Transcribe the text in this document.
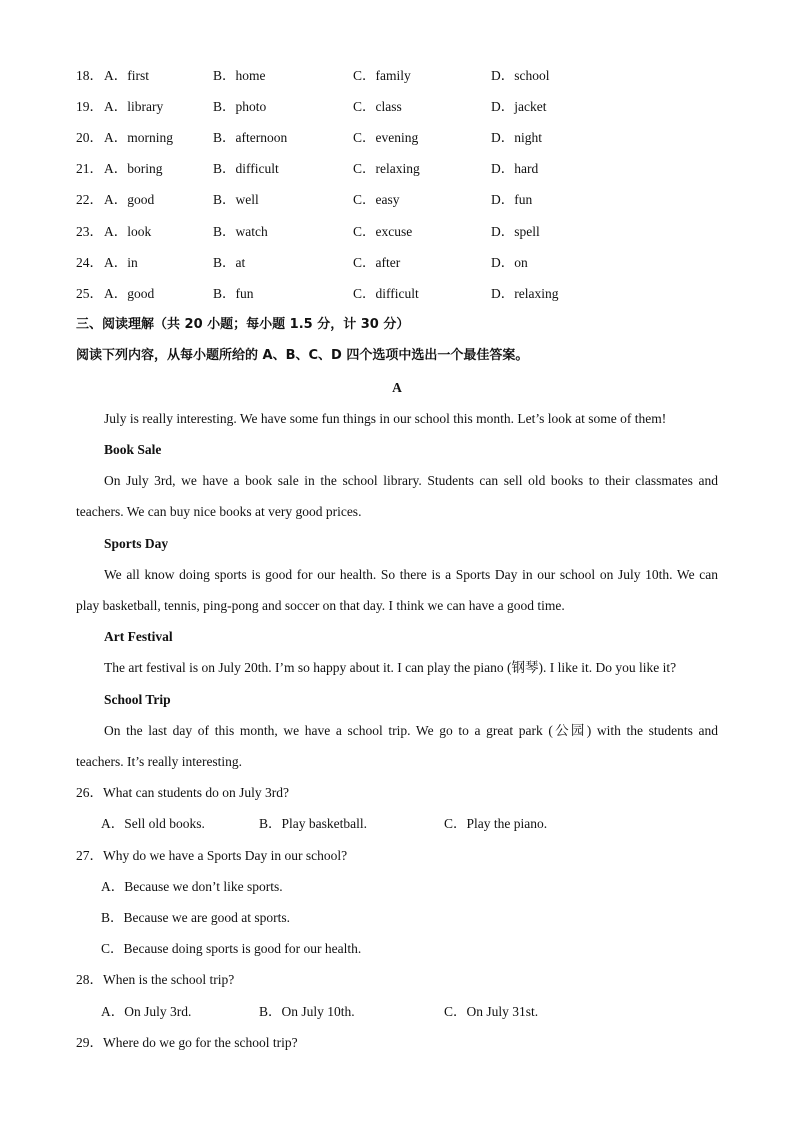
18． A．first	B．home	C．family	D．school
19． A．library	B．photo	C．class	D．jacket
20． A．morning	B．afternoon	C．evening	D．night
21． A．boring	B．difficult	C．relaxing	D．hard
22． A．good	B．well	C．easy	D．fun
23． A．look	B．watch	C．excuse	D．spell
24． A．in	B．at	C．after	D．on
25． A．good	B．fun	C．difficult	D．relaxing
三、阅读理解（共 20 小题；每小题 1.5 分，计 30 分）
阅读下列内容，从每小题所给的 A、B、C、D 四个选项中选出一个最佳答案。
A
July is really interesting. We have some fun things in our school this month. Let’s look at some of them!
Book Sale
On July 3rd, we have a book sale in the school library. Students can sell old books to their classmates and
teachers. We can buy nice books at very good prices.
Sports Day
We all know doing sports is good for our health. So there is a Sports Day in our school on July 10th. We can
play basketball, tennis, ping-pong and soccer on that day. I think we can have a good time.
Art Festival
The art festival is on July 20th. I’m so happy about it. I can play the piano (钢琴). I like it. Do you like it?
School Trip
On the last day of this month, we have a school trip. We go to a great park (公园) with the students and
teachers. It’s really interesting.
26．What can students do on July 3rd?
A．Sell old books.	B．Play basketball.	C．Play the piano.
27．Why do we have a Sports Day in our school?
A．Because we don’t like sports.
B．Because we are good at sports.
C．Because doing sports is good for our health.
28．When is the school trip?
A．On July 3rd.	B．On July 10th.	C．On July 31st.
29．Where do we go for the school trip?
